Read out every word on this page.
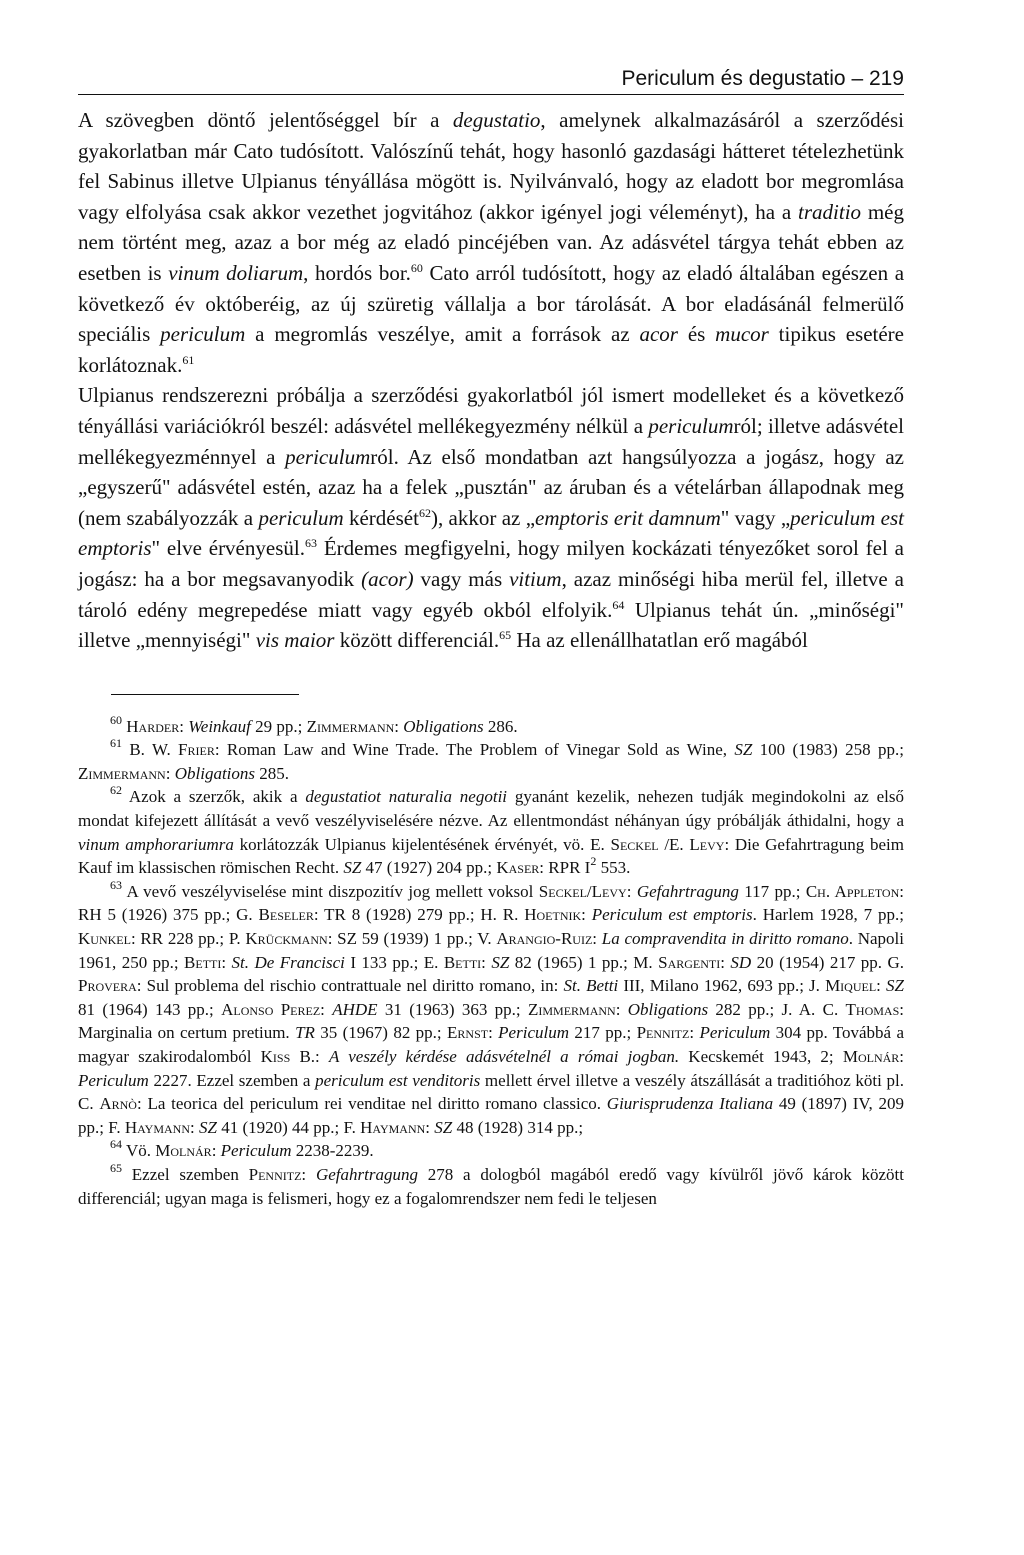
Periculum és degustatio – 219

A szövegben döntő jelentőséggel bír a degustatio, amelynek alkalmazásáról a szerződési gyakorlatban már Cato tudósított. Valószínű tehát, hogy hasonló gazdasági hátteret tételezhetünk fel Sabinus illetve Ulpianus tényállása mögött is. Nyilvánvaló, hogy az eladott bor megromlása vagy elfolyása csak akkor vezethet jogvitához (akkor igényel jogi véleményt), ha a traditio még nem történt meg, azaz a bor még az eladó pincéjében van. Az adásvétel tárgya tehát ebben az esetben is vinum doliarum, hordós bor.$^{60}$ Cato arról tudósított, hogy az eladó általában egészen a következő év októberéig, az új szüretig vállalja a bor tárolását. A bor eladásánál felmerülő speciális periculum a megromlás veszélye, amit a források az acor és mucor tipikus esetére korlátoznak.$^{61}$

Ulpianus rendszerezni próbálja a szerződési gyakorlatból jól ismert modelleket és a következő tényállási variációkról beszél: adásvétel mellékegyezmény nélkül a periculumról; illetve adásvétel mellékegyezménnyel a periculumról. Az első mondatban azt hangsúlyozza a jogász, hogy az „egyszerű" adásvétel estén, azaz ha a felek „pusztán" az áruban és a vételárban állapodnak meg (nem szabályozzák a periculum kérdését$^{62}$), akkor az „emptoris erit damnum" vagy „periculum est emptoris" elve érvényesül.$^{63}$ Érdemes megfigyelni, hogy milyen kockázati tényezőket sorol fel a jogász: ha a bor megsavanyodik (acor) vagy más vitium, azaz minőségi hiba merül fel, illetve a tároló edény megrepedése miatt vagy egyéb okból elfolyik.$^{64}$ Ulpianus tehát ún. „minőségi" illetve „mennyiségi" vis maior között differenciál.$^{65}$ Ha az ellenállhatatlan erő magából

$^{60}$ Harder: Weinkauf 29 pp.; Zimmermann: Obligations 286.

$^{61}$ B. W. Frier: Roman Law and Wine Trade. The Problem of Vinegar Sold as Wine, SZ 100 (1983) 258 pp.; Zimmermann: Obligations 285.

$^{62}$ Azok a szerzők, akik a degustatiot naturalia negotii gyanánt kezelik, nehezen tudják megindokolni az első mondat kifejezett állítását a vevő veszélyviselésére nézve. Az ellentmondást néhányan úgy próbálják áthidalni, hogy a vinum amphorariumra korlátozzák Ulpianus kijelentésének érvényét, vö. E. Seckel /E. Levy: Die Gefahrtragung beim Kauf im klassischen römischen Recht. SZ 47 (1927) 204 pp.; Kaser: RPR $I^2$ 553.

$^{63}$ A vevő veszélyviselése mint diszpozitív jog mellett voksol Seckel/Levy: Gefahrtragung 117 pp.; Ch. Appleton: RH 5 (1926) 375 pp.; G. Beseler: TR 8 (1928) 279 pp.; H. R. Hoetnik: Periculum est emptoris. Harlem 1928, 7 pp.; Kunkel: RR 228 pp.; P. Krückmann: SZ 59 (1939) 1 pp.; V. Arangio-Ruiz: La compravendita in diritto romano. Napoli 1961, 250 pp.; Betti: St. De Francisci I 133 pp.; E. Betti: SZ 82 (1965) 1 pp.; M. Sargenti: SD 20 (1954) 217 pp. G. Provera: Sul problema del rischio contrattuale nel diritto romano, in: St. Betti III, Milano 1962, 693 pp.; J. Miquel: SZ 81 (1964) 143 pp.; Alonso Perez: AHDE 31 (1963) 363 pp.; Zimmermann: Obligations 282 pp.; J. A. C. Thomas: Marginalia on certum pretium. TR 35 (1967) 82 pp.; Ernst: Periculum 217 pp.; Pennitz: Periculum 304 pp. Továbbá a magyar szakirodalomból Kiss B.: A veszély kérdése adásvételnél a római jogban. Kecskemét 1943, 2; Molnár: Periculum 2227. Ezzel szemben a periculum est venditoris mellett érvel illetve a veszély átszállását a traditióhoz köti pl. C. Arnò: La teorica del periculum rei venditae nel diritto romano classico. Giurisprudenza Italiana 49 (1897) IV, 209 pp.; F. Haymann: SZ 41 (1920) 44 pp.; F. Haymann: SZ 48 (1928) 314 pp.;

$^{64}$ Vö. Molnár: Periculum 2238-2239.

$^{65}$ Ezzel szemben Pennitz: Gefahrtragung 278 a dologból magából eredő vagy kívülről jövő károk között differenciál; ugyan maga is felismeri, hogy ez a fogalomrendszer nem fedi le teljesen
